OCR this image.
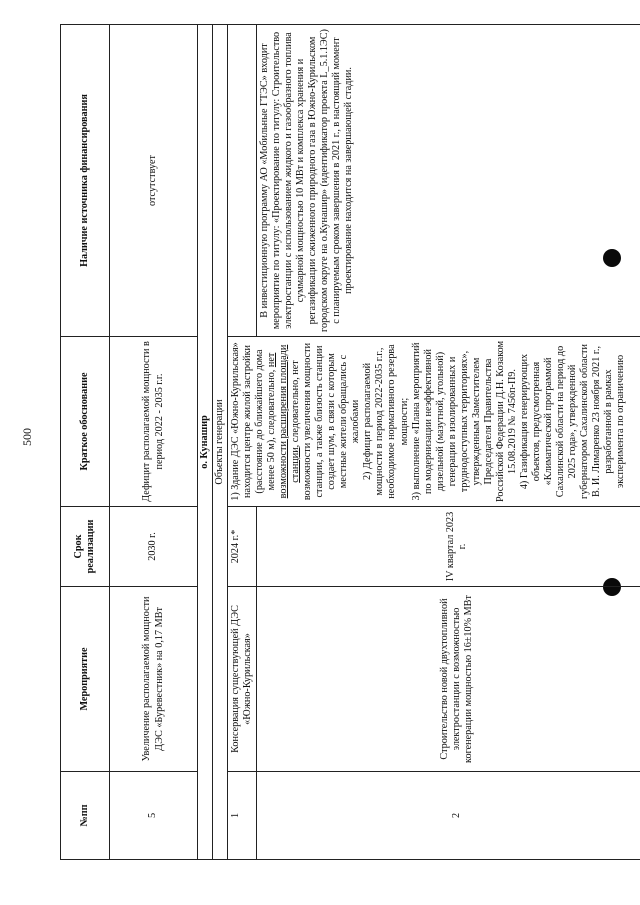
500
№пп	Мероприятие	Срок реализации	Краткое обоснование	Наличие источника финансирования
5	Увеличение располагаемой мощности ДЭС «Буревестник» на 0,17 МВт	2030 г.	Дефицит располагаемой мощности в период 2022 - 2035 г.г.	отсутствует
о. Кунашир				
Объекты генерации				
1	Консервация существующей ДЭС «Южно-Курильская»	2024 г.*	1) Здание ДЭС «Южно-Курильская» находится центре жилой застройки (расстояние до ближайшего дома менее 50 м), следовательно, нет возможности расширения площади станции, следовательно, нет возможности увеличения мощности станции, а также близость станции создает шум, в связи с которым местные жители обращались с жалобами
2) Дефицит располагаемой мощности в период 2022-2035 г.г., необходимое нормативного резерва мощности;
3) выполнение «Плана мероприятий по модернизации неэффективной дизельной (мазутной, угольной) генерации в изолированных и труднодоступных территориях», утвержденным Заместителем Председателя Правительства Российской Федерации Д.Н. Козаком 15.08.2019 № 7456п-П9.
4) Газификация генерирующих объектов, предусмотренная «Климатической программой Сахалинской области на период до 2025 года», утвержденной губернатором Сахалинской области В. И. Лимаренко 23 ноября 2021 г., разработанной в рамках эксперимента по ограничению	
2	Строительство новой двухтопливной электростанции с возможностью когенерации мощностью 16±10% МВт	IV квартал 2023 г.		В инвестиционную программу АО «Мобильные ГТЭС» входит мероприятие по титулу: «Проектирование по титулу: Строительство электростанции с использованием жидкого и газообразного топлива суммарной мощностью 10 МВт и комплекса хранения и регазификации сжиженного природного газа в Южно-Курильском городском округе на о.Кунашир» (идентификатор проекта L_5.1.1ЭС) с планируемым сроком завершения в 2021 г., в настоящий момент проектирование находится на завершающей стадии.
